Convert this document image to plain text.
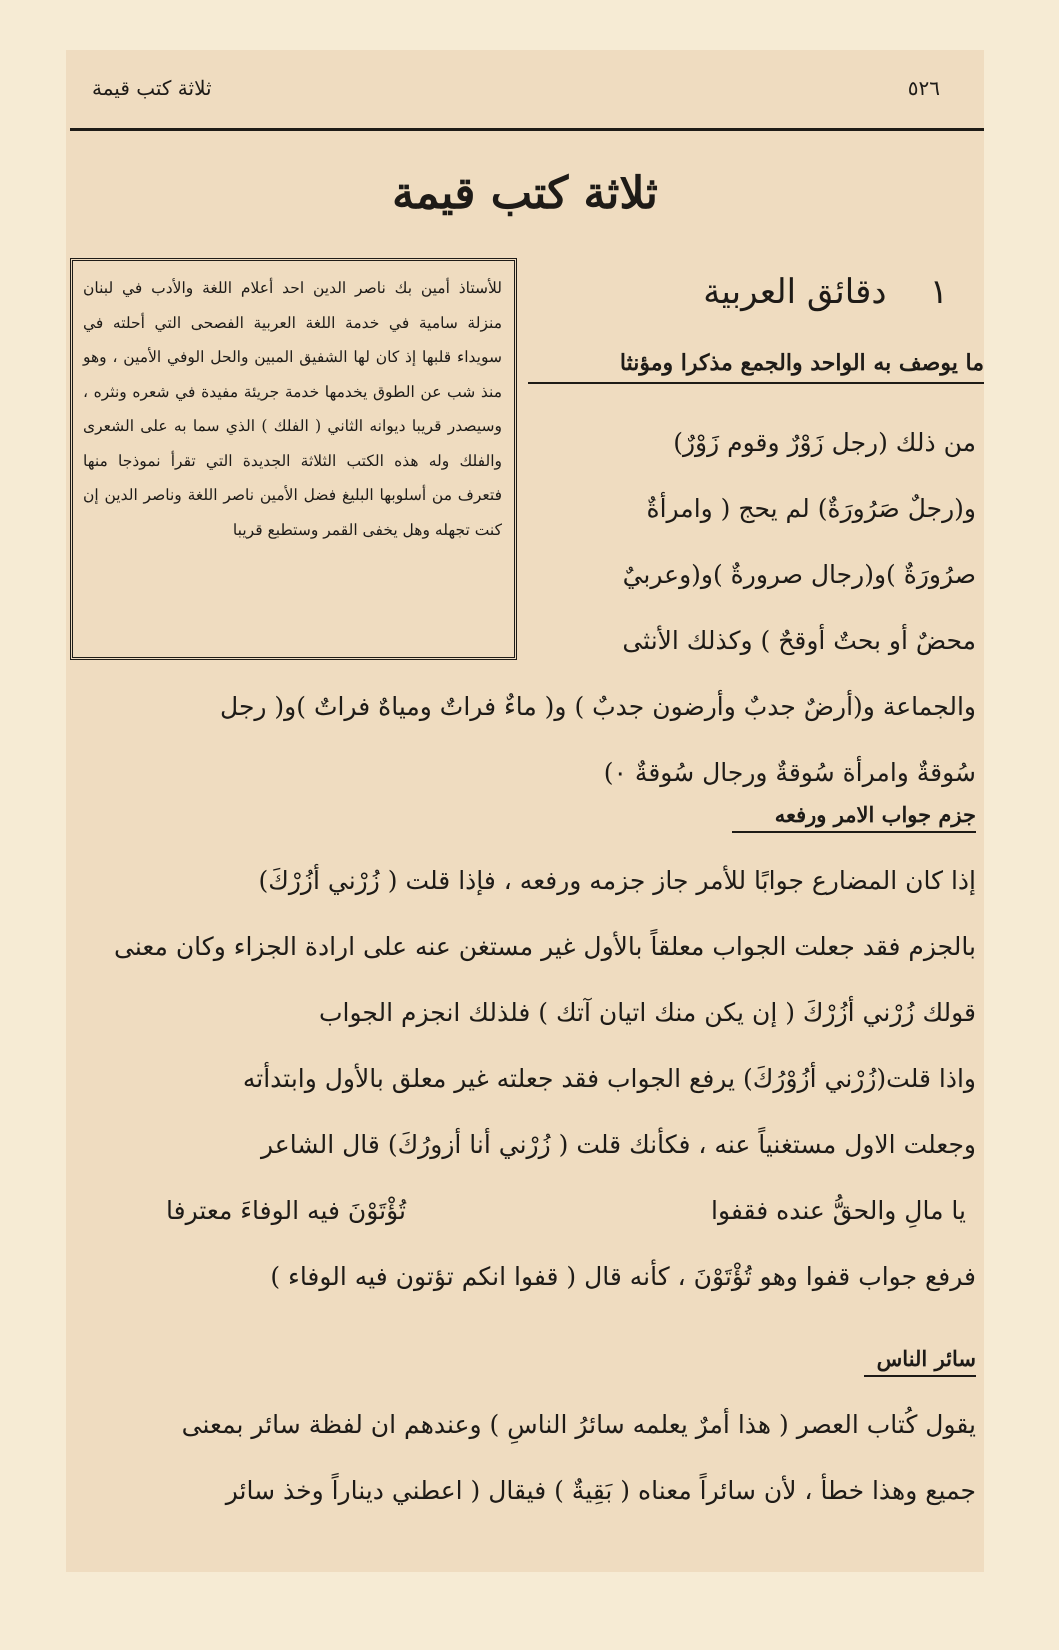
٥٢٦
ثلاثة كتب قيمة
ثلاثة كتب قيمة

للأستاذ أمين بك ناصر الدين احد أعلام اللغة والأدب في لبنان منزلة سامية في خدمة اللغة العربية الفصحى التي أحلته في سويداء قلبها إذ كان لها الشفيق المبين والحل الوفي الأمين ، وهو منذ شب عن الطوق يخدمها خدمة جريئة مفيدة في شعره ونثره ، وسيصدر قريبا ديوانه الثاني ( الفلك ) الذي سما به على الشعرى والفلك وله هذه الكتب الثلاثة الجديدة التي تقرأ نموذجا منها فتعرف من أسلوبها البليغ فضل الأمين ناصر اللغة وناصر الدين إن كنت تجهله وهل يخفى القمر وستطبع قريبا

١    دقائق العربية
ما يوصف به الواحد والجمع مذكرا ومؤنثا

من ذلك (رجل زَوْرٌ وقوم زَوْرٌ)

و(رجلٌ صَرُورَةٌ) لم يحج ( وامرأةٌ

صرُورَةٌ )و(رجال صرورةٌ )و(وعربيٌ

محضٌ أو بحتٌ أوقحٌ ) وكذلك الأنثى

والجماعة و(أرضٌ جدبٌ وأرضون جدبٌ ) و( ماءٌ فراتٌ ومياهٌ فراتٌ )و( رجل

سُوقةٌ وامرأة سُوقةٌ ورجال سُوقةٌ ٠)

جزم جواب الامر ورفعه

إذا كان المضارع جوابًا للأمر جاز جزمه ورفعه ، فإذا قلت ( زُرْني أزُرْكَ)

بالجزم فقد جعلت الجواب معلقاً بالأول غير مستغن عنه على ارادة الجزاء وكان معنى

قولك زُرْني أزُرْكَ ( إن يكن منك اتيان آتك ) فلذلك انجزم الجواب

واذا قلت(زُرْني أزُوْرُكَ) يرفع الجواب فقد جعلته غير معلق بالأول وابتدأته

وجعلت الاول مستغنياً عنه ، فكأنك قلت ( زُرْني أنا أزورُكَ) قال الشاعر

يا مالِ والحقُّ عنده فقفوا
تُؤْتَوْنَ فيه الوفاءَ معترفا

فرفع جواب قفوا وهو تُؤْتَوْنَ ، كأنه قال ( قفوا انكم تؤتون فيه الوفاء )

سائر الناس

يقول كُتاب العصر ( هذا أمرٌ يعلمه سائرُ الناسِ ) وعندهم ان لفظة سائر بمعنى

جميع وهذا خطأ ، لأن سائراً معناه ( بَقِيةٌ ) فيقال ( اعطني ديناراً وخذ سائر
